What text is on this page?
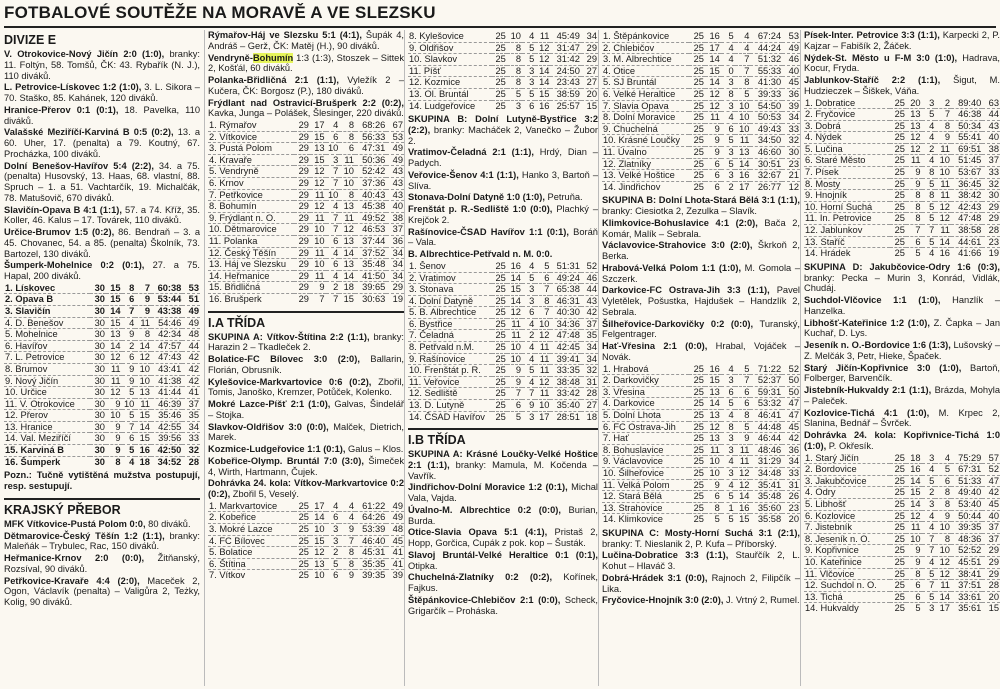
FOTBALOVÉ SOUTĚŽE NA MORAVĚ A VE SLEZSKU
DIVIZE E
V. Otrokovice-Nový Jičín 2:0 (1:0), branky: 11. Foltýn, 58. Tomšů, ČK: 43. Rybařík (N. J.), 110 diváků.
L. Petrovice-Lískovec 1:2 (1:0), 3. L. Sikora – 70. Staško, 85. Kahánek, 120 diváků.
Hranice-Přerov 0:1 (0:1), 18. Pavelka, 110 diváků.
Valašské Meziříčí-Karviná B 0:5 (0:2), 13. a 60. Uher, 17. (penalta) a 79. Koutný, 67. Procházka, 100 diváků.
Dolní Benešov-Havířov 5:4 (2:2), 34. a 75. (penalta) Husovský, 13. Haas, 68. vlastní, 88. Spruch – 1. a 51. Vachtarčík, 19. Michalčák, 78. Matušovič, 670 diváků.
Slavičín-Opava B 4:1 (1:1), 57. a 74. Kříž, 35. Koller, 46. Kalus – 17. Továrek, 110 diváků.
Určice-Brumov 1:5 (0:2), 86. Bendraň – 3. a 45. Chovanec, 54. a 85. (penalta) Školník, 73. Bartozel, 130 diváků.
Šumperk-Mohelnice 0:2 (0:1), 27. a 75. Hapal, 200 diváků.
1. Lískovec	30	15	8	7	60:38	53
2. Opava B	30	15	6	9	53:44	51
3. Slavičín	30	14	7	9	43:38	49
4. D. Benešov	30	15	4	11	54:46	49
5. Mohelnice	30	13	9	8	42:34	48
6. Havířov	30	14	2	14	47:57	44
7. L. Petrovice	30	12	6	12	47:43	42
8. Brumov	30	11	9	10	43:41	42
9. Nový Jičín	30	11	9	10	41:38	42
10. Určice	30	12	5	13	41:44	41
11. V. Otrokovice	30	9	10	11	46:39	37
12. Přerov	30	10	5	15	35:46	35
13. Hranice	30	9	7	14	42:55	34
14. Val. Meziříčí	30	9	6	15	39:56	33
15. Karviná B	30	9	5	16	42:50	32
16. Šumperk	30	8	4	18	34:52	28
Pozn.: Tučně vytištěná mužstva postupují, resp. sestupují.
KRAJSKÝ PŘEBOR
MFK Vítkovice-Pustá Polom 0:0, 80 diváků.
Dětmarovice-Český Těšín 1:2 (1:1), branky: Maleňák – Trybulec, Rac, 150 diváků.
Heřmanice-Krnov 2:0 (0:0), Žitňanský, Rozsíval, 90 diváků.
Petřkovice-Kravaře 4:4 (2:0), Maceček 2, Ogon, Václavík (penalta) – Valigůra 2, Teżky, Kolig, 90 diváků.
Rýmařov-Háj ve Slezsku 5:1 (4:1), Šupák 4, Andráš – Gerž, ČK: Matěj (H.), 90 diváků.
Vendryně-Bohumín 1:3 (1:3), Stoszek – Sittek 2, Košťál, 60 diváků.
Polanka-Břidličná 2:1 (1:1), Vyležík 2 – Kučera, ČK: Borgosz (P.), 180 diváků.
Frýdlant nad Ostravicí-Brušperk 2:2 (0:2), Kavka, Junga – Polášek, Šlesinger, 220 diváků.
1. Rýmařov	29	17	4	8	68:26	67
2. Vítkovice	29	15	6	8	56:33	53
3. Pustá Polom	29	13	10	6	47:31	49
4. Kravaře	29	15	3	11	50:36	49
5. Vendryně	29	12	7	10	52:42	43
6. Krnov	29	12	7	10	37:36	43
7. Petřkovice	29	11	10	8	40:43	43
8. Bohumín	29	12	4	13	45:38	40
9. Frýdlant n. O.	29	11	7	11	49:52	38
10. Dětmarovice	29	10	7	12	46:53	37
11. Polanka	29	10	6	13	37:44	36
12. Český Těšín	29	11	4	14	37:52	34
13. Háj ve Slezsku	29	10	6	13	35:48	34
14. Heřmanice	29	11	4	14	41:50	34
15. Břidličná	29	9	2	18	39:65	29
16. Brušperk	29	7	7	15	30:63	19
I.A TŘÍDA
SKUPINA A: Vítkov-Štítina 2:2 (1:1), branky: Harazin 2 – Tkadleček 2.
Bolatice-FC Bílovec 3:0 (2:0), Ballarin, Florián, Obrusník.
Kylešovice-Markvartovice 0:6 (0:2), Zbořil, Tomis, Janoško, Kremzer, Potůček, Kolenko.
Mokré Lazce-Píšť 2:1 (1:0), Galvas, Šindelář – Stojka.
Slavkov-Oldřišov 3:0 (0:0), Malček, Dietrich, Marek.
Kozmice-Ludgeřovice 1:1 (0:1), Galus – Klos.
Kobeřice-Olymp. Bruntál 7:0 (3:0), Šimeček 4, Wirth, Hartmann, Čujek.
Dohrávka 24. kola: Vítkov-Markvartovice 0:2 (0:2), Zbořil 5, Veselý.
1. Markvartovice	25	17	4	4	61:22	49
2. Kobeřice	25	14	6	4	64:26	49
3. Mokré Lazce	25	10	3	9	53:39	48
4. FC Bílovec	25	15	3	7	46:40	45
5. Bolatice	25	12	2	8	45:31	41
6. Štítina	25	13	5	8	35:35	41
7. Vítkov	25	10	6	9	39:35	39
8. Kylešovice	25	10	4	11	45:49	34
9. Oldřišov	25	8	5	12	31:47	29
10. Slavkov	25	8	5	12	31:42	29
11. Píšť	25	8	3	14	24:50	27
12. Kozmice	25	8	3	14	23:43	27
13. Ol. Bruntál	25	5	5	15	38:59	20
14. Ludgeřovice	25	3	6	16	25:57	15
SKUPINA B: Dolní Lutyně-Bystřice 3:2 (2:2), branky: Macháček 2, Vanečko – Žubor 2.
Vratimov-Čeladná 2:1 (1:1), Hrdý, Dian – Padych.
Veřovice-Šenov 4:1 (1:1), Hanko 3, Bartoň – Slíva.
Stonava-Dolní Datyně 1:0 (1:0), Petruňa.
Frenštát p. R.-Sedliště 1:0 (0:0), Plachký – Krejčok 2.
Rašínovice-ČSAD Havířov 1:1 (0:1), Boráň – Vala.
B. Albrechtice-Petřvald n. M. 0:0.
1. Šenov	25	16	4	5	51:31	52
2. Vratimov	25	14	5	6	49:24	46
3. Stonava	25	15	3	7	65:38	44
4. Dolní Datyně	25	14	3	8	46:31	43
5. B. Albrechtice	25	12	6	7	40:30	42
6. Bystřice	25	11	4	10	34:36	37
7. Čeladná	25	11	2	12	47:48	35
8. Petřvald n.M.	25	10	4	11	42:45	34
9. Rašínovice	25	10	4	11	39:41	34
10. Frenštát p. R.	25	9	5	11	33:35	32
11. Veřovice	25	9	4	12	38:48	31
12. Sedliště	25	7	7	11	33:42	28
13. D. Lutyně	25	6	9	10	35:40	27
14. ČSAD Havířov	25	5	3	17	28:51	18
I.B TŘÍDA
SKUPINA A: Krásné Loučky-Velké Hoštice 2:1 (1:1), branky: Mamula, M. Kočenda – Vavřík.
Jindřichov-Dolní Moravice 1:2 (0:1), Michal Vala, Vajda.
Úvalno-M. Albrechtice 0:2 (0:0), Burian, Burda.
Otice-Slavia Opava 5:1 (4:1), Pristaš 2, Hopp, Gorčica, Cupák z pok. kop – Šusták.
Slavoj Bruntál-Velké Heraltice 0:1 (0:1), Otipka.
Chuchelná-Zlatníky 0:2 (0:2), Kořínek, Fajkus.
Štěpánkovice-Chlebičov 2:1 (0:0), Scheck, Grigarčík – Proháska.
1. Štěpánkovice	25	16	5	4	67:24	53
2. Chlebičov	25	17	4	4	44:24	49
3. M. Albrechtice	25	14	4	7	51:32	46
4. Otice	25	15	0	7	55:33	40
5. SJ Bruntál	25	14	3	8	41:30	45
6. Velké Heraltice	25	12	8	5	39:33	36
7. Slavia Opava	25	12	3	10	54:50	39
8. Dolní Moravice	25	11	4	10	50:53	34
9. Chuchelná	25	9	6	10	49:43	33
10. Krásné Loučky	25	9	5	11	34:50	32
11. Úvalno	25	9	3	13	46:60	30
12. Zlatníky	25	6	5	14	30:51	23
13. Velké Hoštice	25	6	3	16	32:67	21
14. Jindřichov	25	6	2	17	26:77	12
SKUPINA B: Dolní Lhota-Stará Bělá 3:1 (1:1), branky: Ciesiotka 2, Zezulka – Slavík.
Klimkovice-Bohuslavice 4:1 (2:0), Bača 2, Komár, Malík – Sebrala.
Václavovice-Strahovice 3:0 (2:0), Škrkoň 2, Berka.
Hrabová-Velká Polom 1:1 (1:0), M. Gomola – Szczerk.
Darkovice-FC Ostrava-Jih 3:3 (1:1), Pavel Vyletělek, Pošustka, Hajdušek – Handzlík 2, Sebrala.
Šilheřovice-Darkovičky 0:2 (0:0), Turanský, Felgentrager.
Hať-Vřesina 2:1 (0:0), Hrabal, Vojáček – Novák.
1. Hrabová	25	16	4	5	71:22	52
2. Darkovičky	25	15	3	7	52:37	50
3. Vřesina	25	13	6	6	59:31	50
4. Darkovice	25	14	5	6	53:32	47
5. Dolní Lhota	25	13	4	8	46:41	47
6. FC Ostrava-Jih	25	12	8	5	44:48	45
7. Hať	25	13	3	9	46:44	42
8. Bohuslavice	25	11	3	11	48:46	36
9. Václavovice	25	10	4	11	31:29	34
10. Šilheřovice	25	10	3	12	34:48	33
11. Velká Polom	25	9	4	12	35:41	31
12. Stará Bělá	25	6	5	14	35:48	26
13. Strahovice	25	8	1	16	35:60	23
14. Klimkovice	25	5	5	15	35:58	20
SKUPINA C: Mosty-Horní Suchá 3:1 (2:1), branky: T. Nieslanik 2, P. Kufa – Příborský.
Lučina-Dobratice 3:3 (1:1), Stauřčík 2, L. Kohut – Hlaváč 3.
Dobrá-Hrádek 3:1 (0:0), Rajnoch 2, Filipčík – Lika.
Fryčovice-Hnojník 3:0 (2:0), J. Vrtný 2, Rumel.
Písek-Inter. Petrovice 3:3 (1:1), Karpecki 2, P. Kajzar – Fabišík 2, Žáček.
Nýdek-St. Město u F-M 3:0 (1:0), Hadrava, Kocur, Fryda.
Jablunkov-Staříč 2:2 (1:1), Šigut, M. Hudzieczek – Šiškek, Váňa.
1. Dobratice	25	20	3	2	89:40	63
2. Fryčovice	25	13	5	7	46:38	44
3. Dobrá	25	13	4	8	50:34	43
4. Nýdek	25	12	4	9	55:41	40
5. Lučina	25	12	2	11	69:51	38
6. Staré Město	25	11	4	10	51:45	37
7. Písek	25	9	8	10	53:67	33
8. Mosty	25	9	5	11	36:45	32
9. Hnojník	25	8	8	11	38:42	30
10. Horní Suchá	25	8	5	12	42:43	29
11. In. Petrovice	25	8	5	12	47:48	29
12. Jablunkov	25	7	7	11	38:58	28
13. Staříč	25	6	5	14	44:61	23
14. Hrádek	25	5	4	16	41:66	19
SKUPINA D: Jakubčovice-Odry 1:6 (0:3), branky: Pecka – Murin 3, Konrád, Vidlák, Chudáj.
Suchdol-Vlčovice 1:1 (1:0), Hanzlík – Hanzelka.
Libhošť-Kateřinice 1:2 (1:0), Z. Čapka – Jan Kuchař, D. Lys.
Jeseník n. O.-Bordovice 1:6 (1:3), Lušovský – Z. Melčák 3, Petr, Hieke, Špaček.
Starý Jičín-Kopřivnice 3:0 (1:0), Bartoň, Folberger, Barvenčík.
Jistebník-Hukvaldy 2:1 (1:1), Brázda, Mohyla – Paleček.
Kozlovice-Tichá 4:1 (1:0), M. Krpec 2, Slanina, Bednář – Švrček.
Dohrávka 24. kola: Kopřivnice-Tichá 1:0 (1:0), P. Okřesík.
1. Starý Jičín	25	18	3	4	75:29	57
2. Bordovice	25	16	4	5	67:31	52
3. Jakubčovice	25	14	5	6	51:33	47
4. Odry	25	15	2	8	49:40	42
5. Libhošť	25	14	3	8	53:40	45
6. Kozlovice	25	12	4	9	50:44	40
7. Jistebník	25	11	4	10	39:35	37
8. Jeseník n. O.	25	10	7	8	48:36	37
9. Kopřivnice	25	9	7	10	52:52	29
10. Kateřinice	25	9	4	12	45:51	29
11. Vlčovice	25	8	5	12	38:41	29
12. Suchdol n. O.	25	6	7	11	37:51	28
13. Tichá	25	6	5	14	33:61	20
14. Hukvaldy	25	5	3	17	35:61	15
